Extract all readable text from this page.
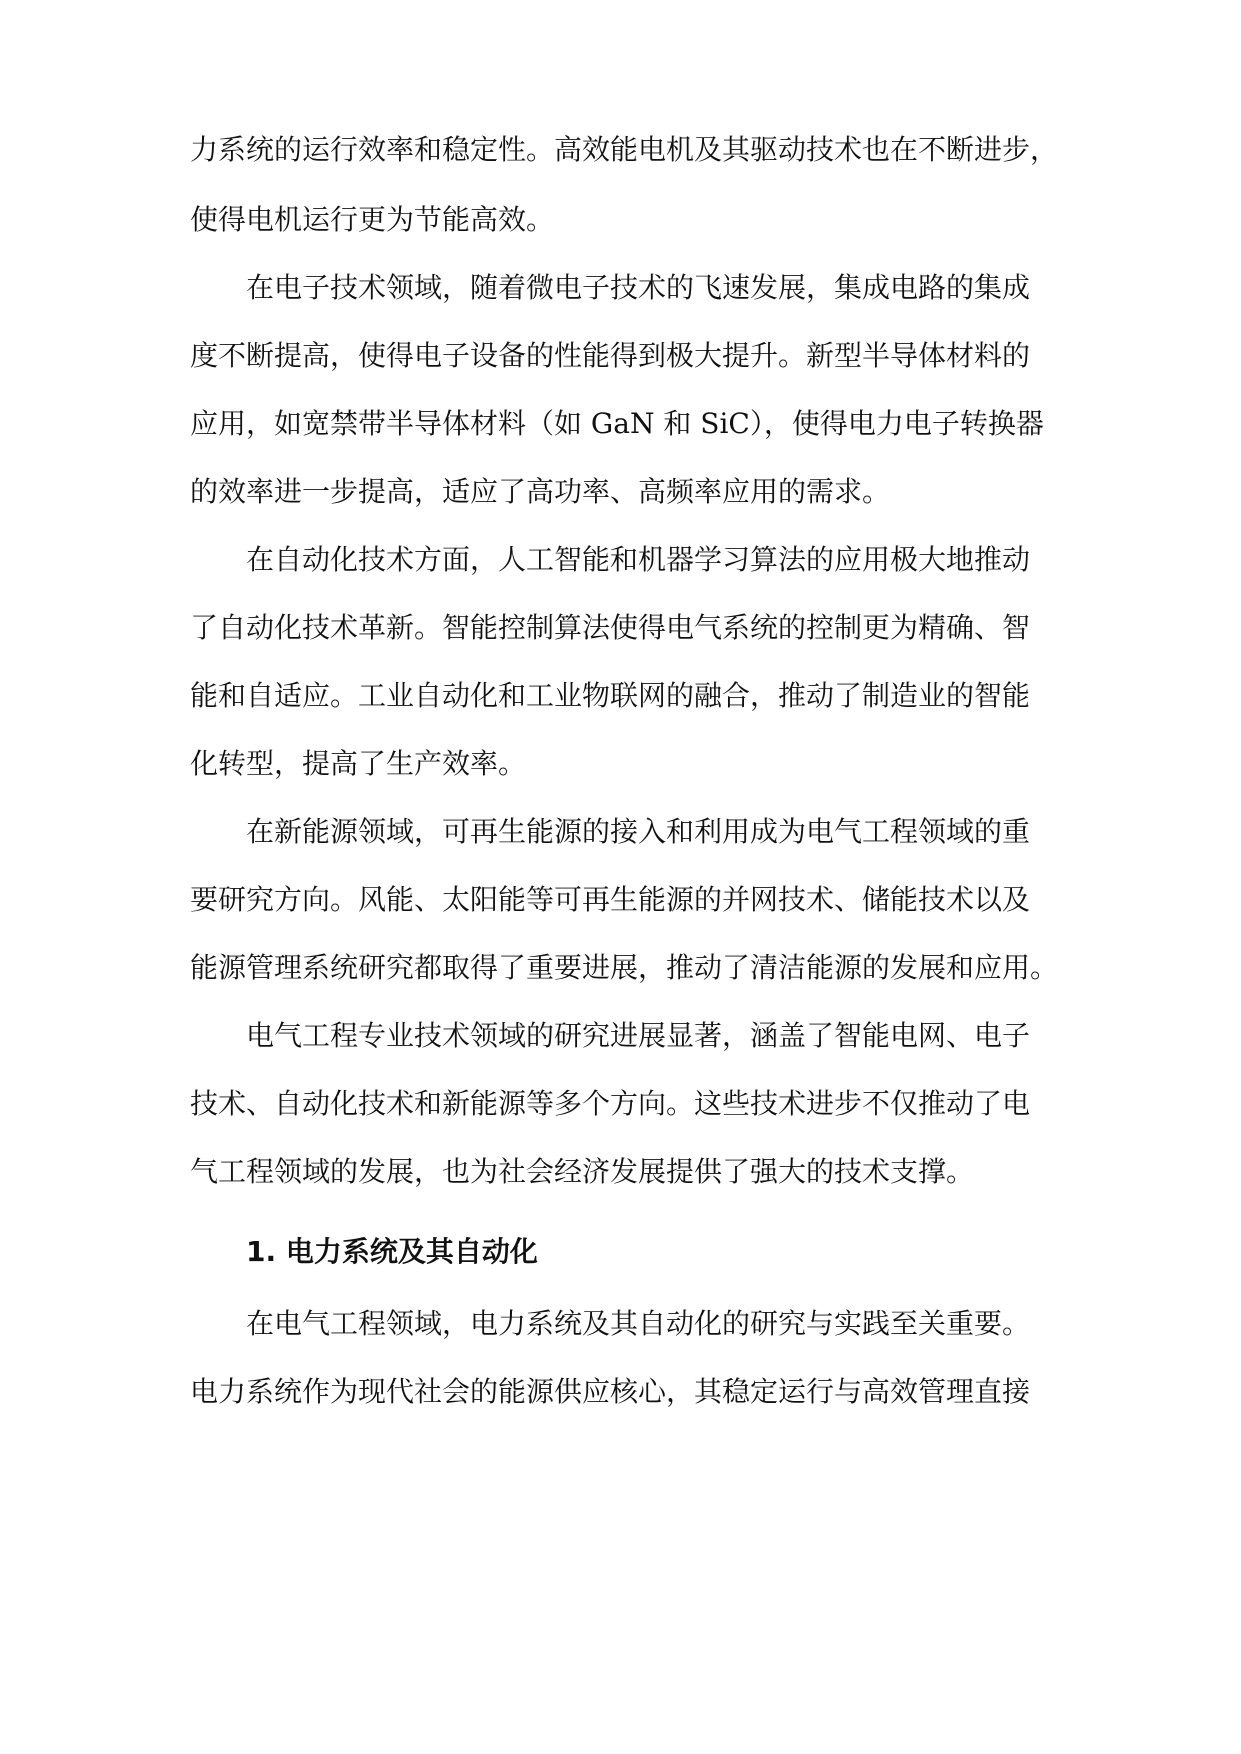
力系统的运行效率和稳定性。高效能电机及其驱动技术也在不断进步，
使得电机运行更为节能高效。
在电子技术领域，随着微电子技术的飞速发展，集成电路的集成
度不断提高，使得电子设备的性能得到极大提升。新型半导体材料的
应用，如宽禁带半导体材料（如 GaN 和 SiC），使得电力电子转换器
的效率进一步提高，适应了高功率、高频率应用的需求。
在自动化技术方面，人工智能和机器学习算法的应用极大地推动
了自动化技术革新。智能控制算法使得电气系统的控制更为精确、智
能和自适应。工业自动化和工业物联网的融合，推动了制造业的智能
化转型，提高了生产效率。
在新能源领域，可再生能源的接入和利用成为电气工程领域的重
要研究方向。风能、太阳能等可再生能源的并网技术、储能技术以及
能源管理系统研究都取得了重要进展，推动了清洁能源的发展和应用。
电气工程专业技术领域的研究进展显著，涵盖了智能电网、电子
技术、自动化技术和新能源等多个方向。这些技术进步不仅推动了电
气工程领域的发展，也为社会经济发展提供了强大的技术支撑。
1. 电力系统及其自动化
在电气工程领域，电力系统及其自动化的研究与实践至关重要。
电力系统作为现代社会的能源供应核心，其稳定运行与高效管理直接
